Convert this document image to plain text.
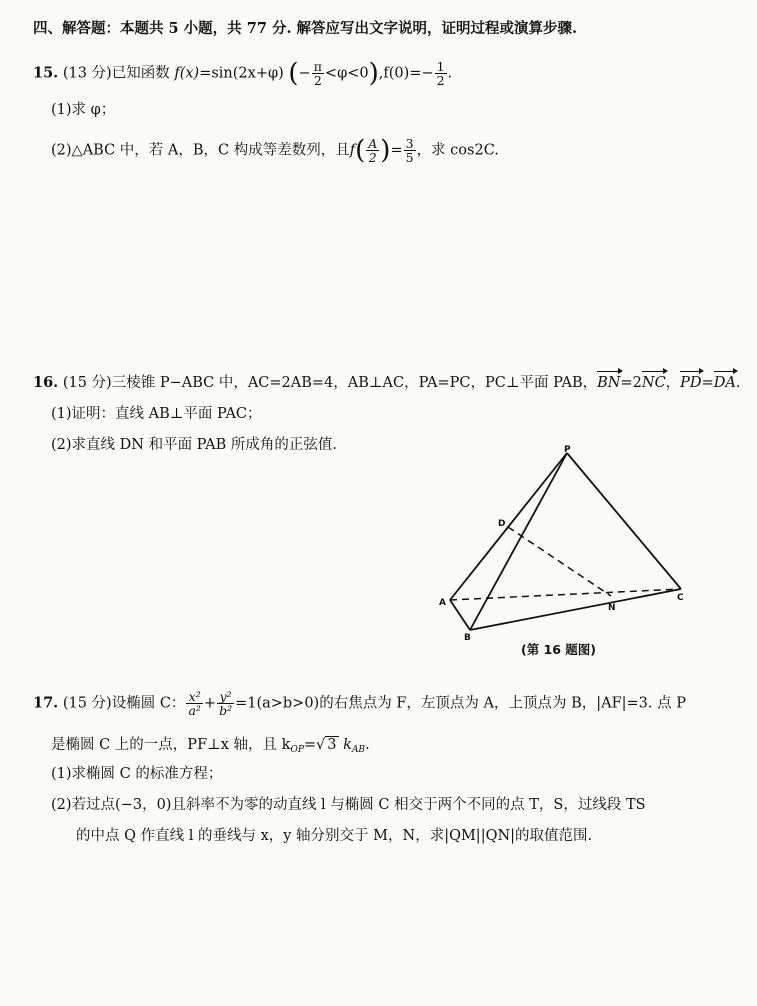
四、解答题：本题共 5 小题，共 77 分. 解答应写出文字说明，证明过程或演算步骤.
15. (13 分)已知函数 f(x)=sin(2x+φ) (− $\frac{\pi}{2} <\varphi<0),f(0)=- \frac{1}{2}$ .
(1)求 φ；
(2)△ABC 中，若 A，B，C 构成等差数列，且$f( \frac{A}{2}$ )= $\frac{3}{5}$ ，求 cos2C.
16. (15 分)三棱锥 P−ABC 中，AC=2AB=4，AB⊥AC，PA=PC，PC⊥平面 PAB，BN=2NC，PD=DA.
(1)证明：直线 AB⊥平面 PAC；
(2)求直线 DN 和平面 PAB 所成角的正弦值.	P
D
A
B
N
C
(第 16 题图)
17. (15 分)设椭圆 C： $\frac{\text{x²}}{\text{a²}} + \frac{\text{y²}}{\text{b²}} =1(a>b>0)$的右焦点为 F，左顶点为 A，上顶点为 B，|AF|=3. 点 P
是椭圆 C 上的一点，PF⊥x 轴，且 $k_{OP}=√$ 3 $k_{AB}$.
(1)求椭圆 C 的标准方程；
(2)若过点(−3，0)且斜率不为零的动直线 l 与椭圆 C 相交于两个不同的点 T，S，过线段 TS
的中点 Q 作直线 l 的垂线与 x，y 轴分别交于 M，N，求|QM||QN|的取值范围.
